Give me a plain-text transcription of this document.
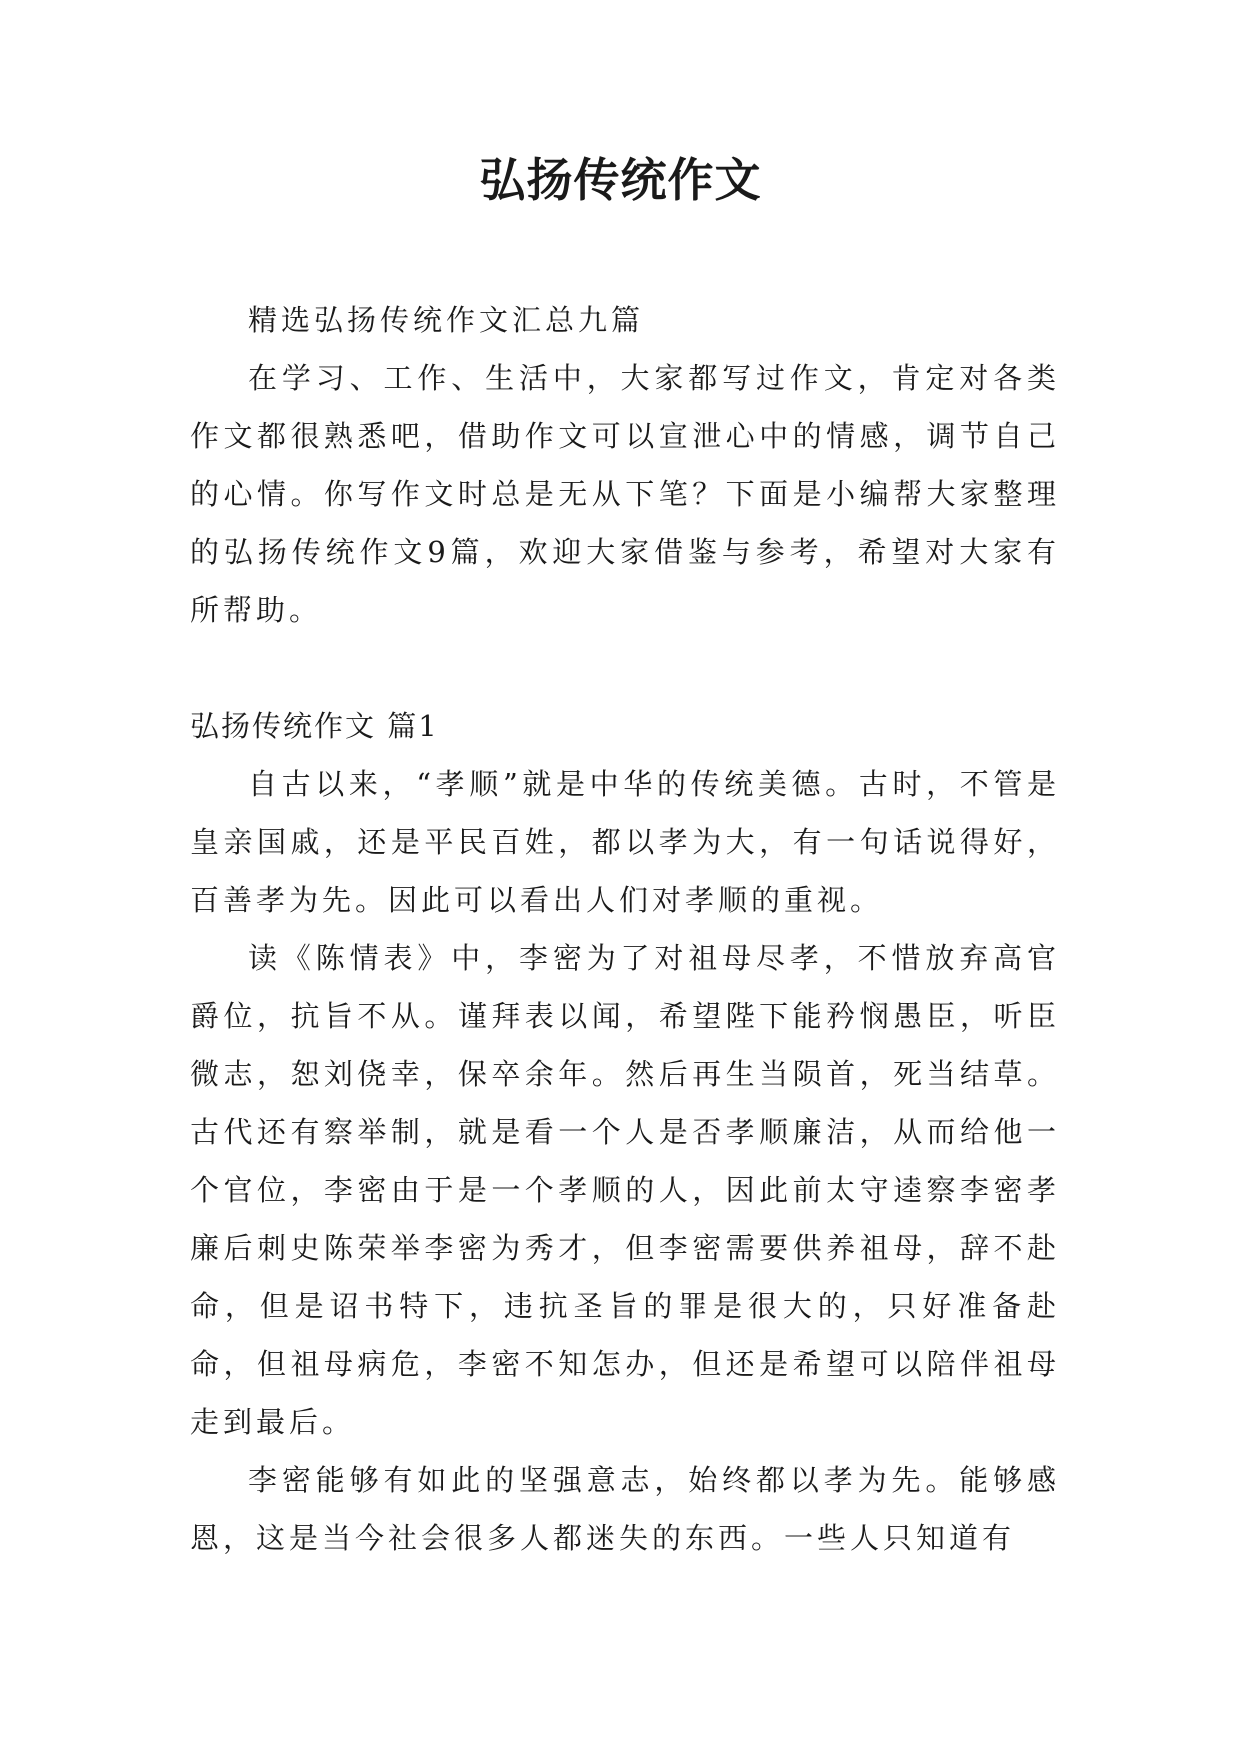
弘扬传统作文

精选弘扬传统作文汇总九篇

在学习、工作、生活中，大家都写过作文，肯定对各类作文都很熟悉吧，借助作文可以宣泄心中的情感，调节自己的心情。你写作文时总是无从下笔？下面是小编帮大家整理的弘扬传统作文9篇，欢迎大家借鉴与参考，希望对大家有所帮助。

弘扬传统作文 篇1

自古以来，“孝顺”就是中华的传统美德。古时，不管是皇亲国戚，还是平民百姓，都以孝为大，有一句话说得好，百善孝为先。因此可以看出人们对孝顺的重视。

读《陈情表》中，李密为了对祖母尽孝，不惜放弃高官爵位，抗旨不从。谨拜表以闻，希望陛下能矜悯愚臣，听臣微志，恕刘侥幸，保卒余年。然后再生当陨首，死当结草。古代还有察举制，就是看一个人是否孝顺廉洁，从而给他一个官位，李密由于是一个孝顺的人，因此前太守逵察李密孝廉后刺史陈荣举李密为秀才，但李密需要供养祖母，辞不赴命，但是诏书特下，违抗圣旨的罪是很大的，只好准备赴命，但祖母病危，李密不知怎办，但还是希望可以陪伴祖母走到最后。

李密能够有如此的坚强意志，始终都以孝为先。能够感恩，这是当今社会很多人都迷失的东西。一些人只知道有
